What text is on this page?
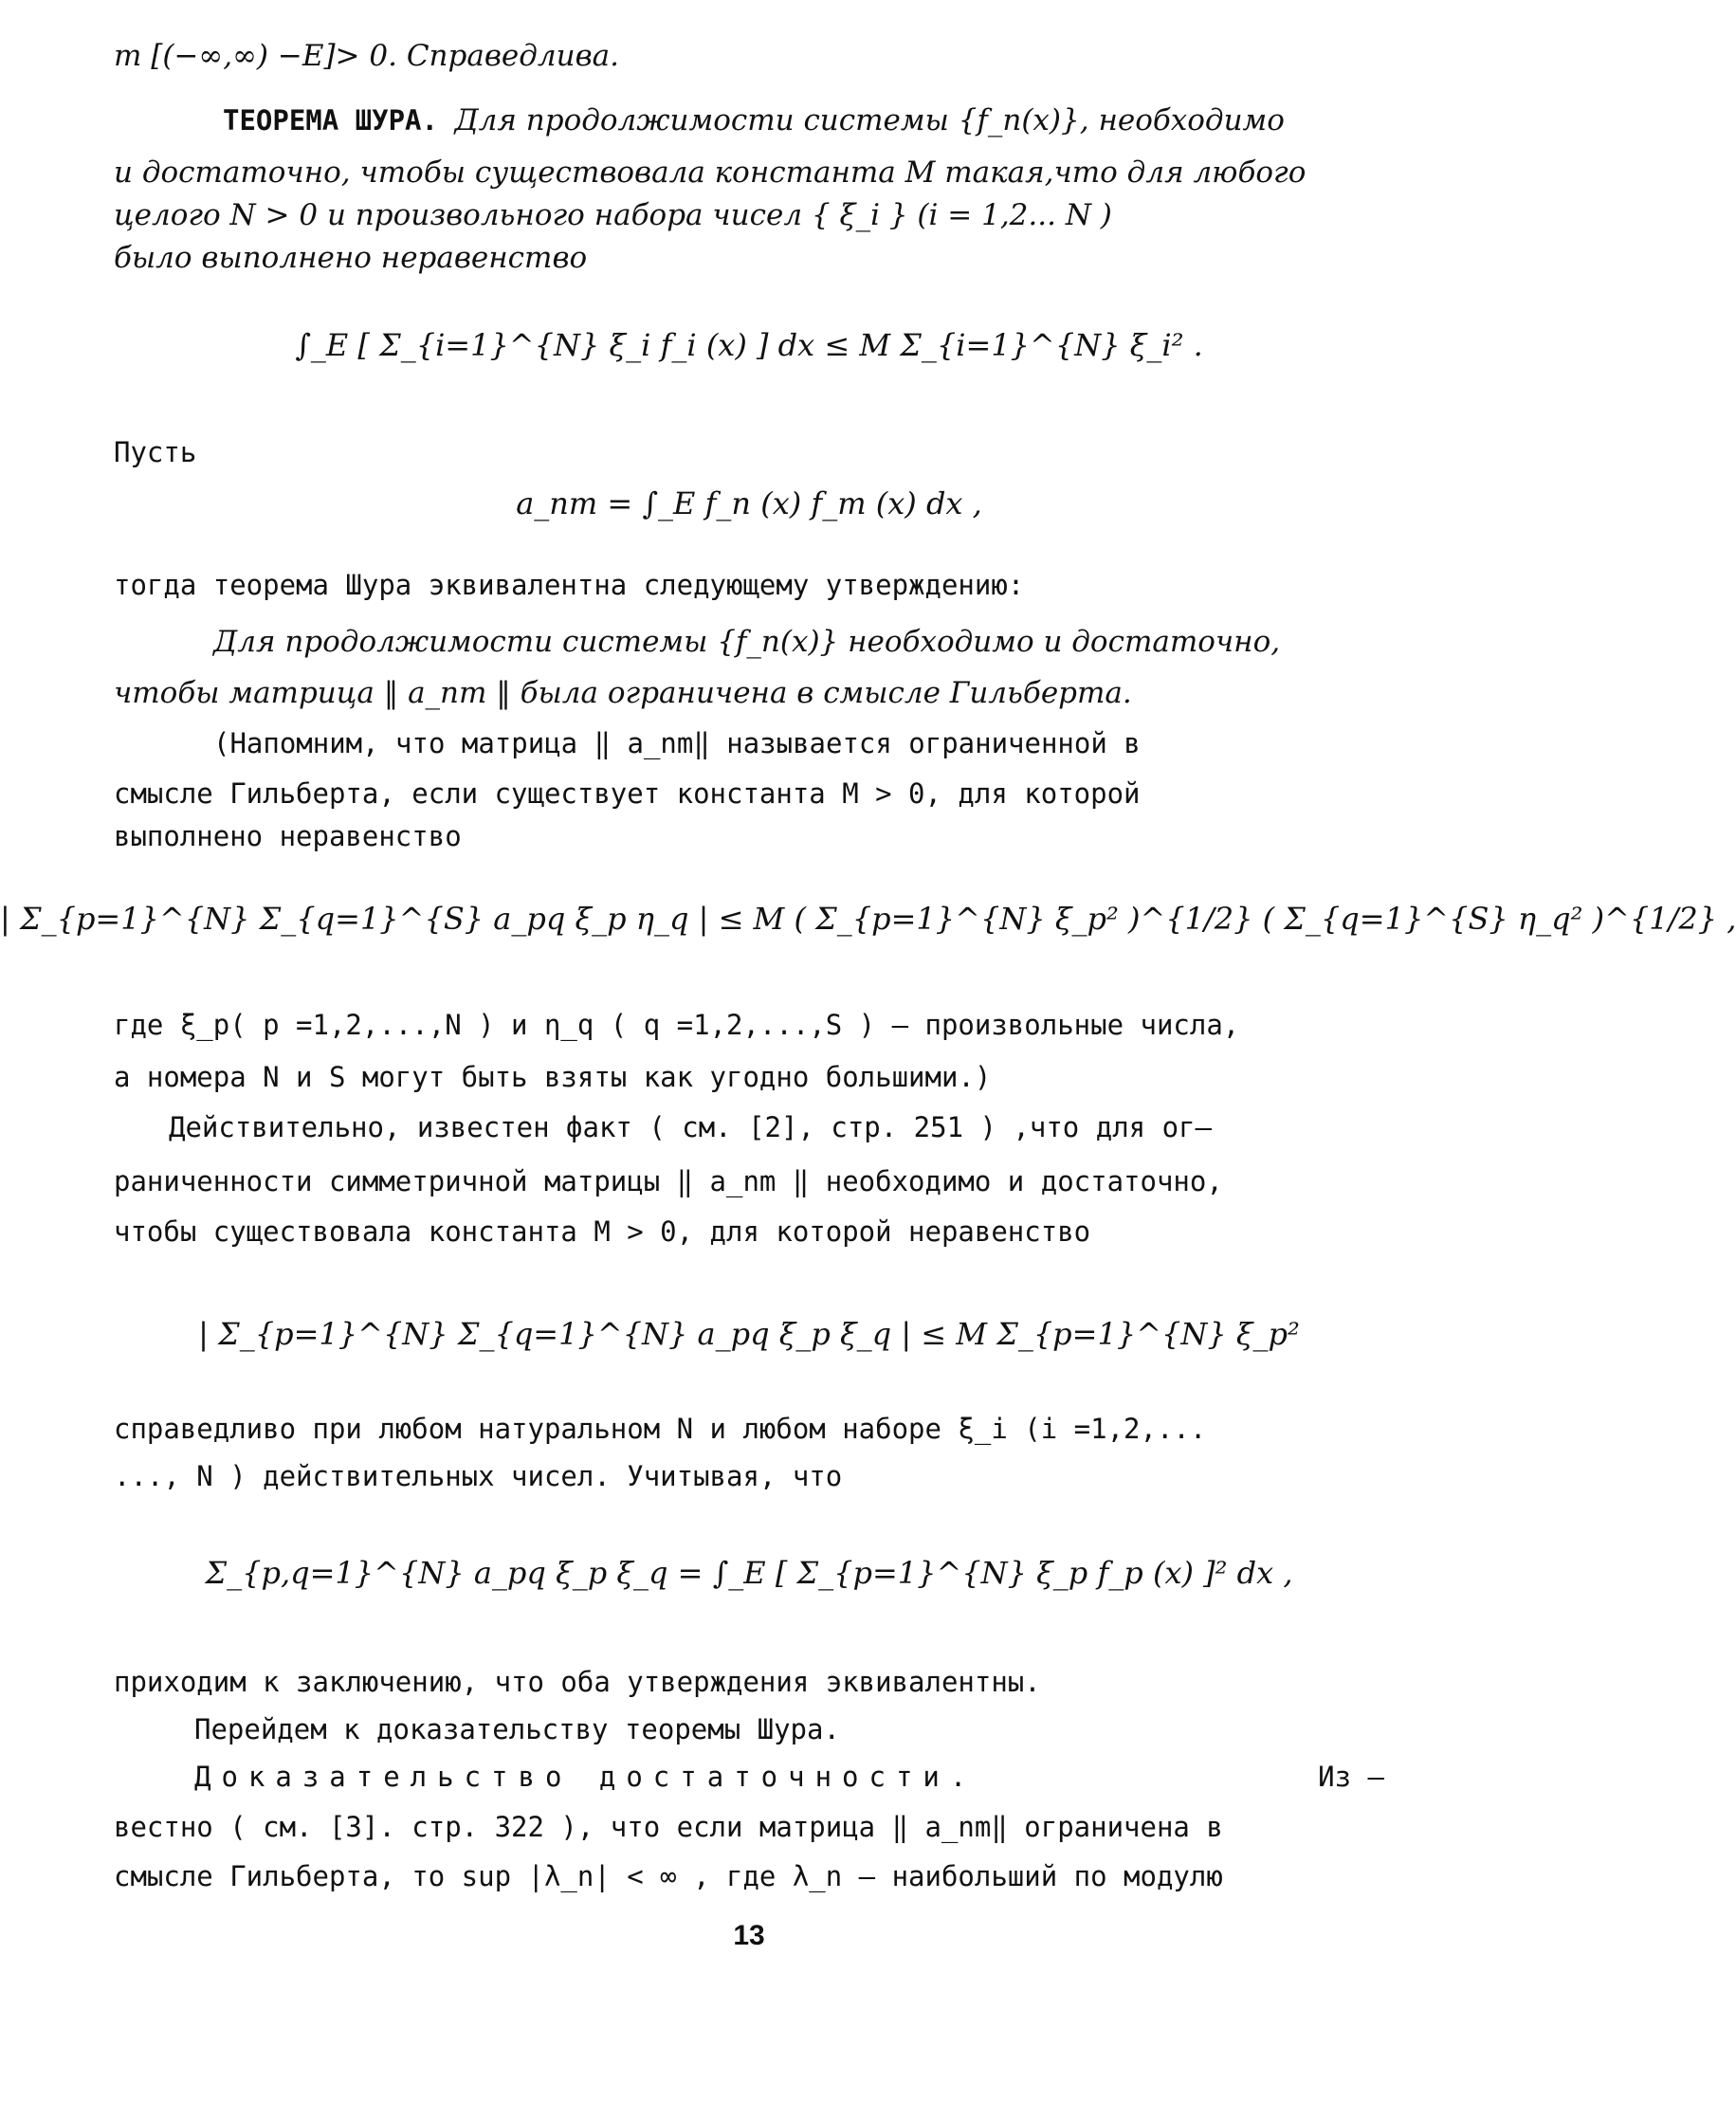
m [(−∞,∞) −E]> 0. Справедлива.
ТЕОРЕМА ШУРА. Для продолжимости системы {f_n(x)}, необходимо
и достаточно, чтобы существовала константа M такая,что для любого
целого N > 0 и произвольного набора чисел { ξ_i } (i = 1,2... N )
было выполнено неравенство
∫_E [ Σ_{i=1}^{N} ξ_i f_i (x) ] dx ≤ M Σ_{i=1}^{N} ξ_i² .
Пусть
a_nm = ∫_E f_n (x) f_m (x) dx ,
тогда теорема Шура эквивалентна следующему утверждению:
Для продолжимости системы {f_n(x)} необходимо и достаточно,
чтобы матрица ‖ a_nm ‖ была ограничена в смысле Гильберта.
(Напомним, что матрица ‖ a_nm‖ называется ограниченной в
смысле Гильберта, если существует константа M > 0, для которой
выполнено неравенство
| Σ_{p=1}^{N} Σ_{q=1}^{S} a_pq ξ_p η_q | ≤ M ( Σ_{p=1}^{N} ξ_p² )^{1/2} ( Σ_{q=1}^{S} η_q² )^{1/2} ,
где ξ_p( p =1,2,...,N ) и η_q ( q =1,2,...,S ) – произвольные числа,
а номера N и S могут быть взяты как угодно большими.)
Действительно, известен факт ( см. [2], стр. 251 ) ,что для ог–
раниченности симметричной матрицы ‖ a_nm ‖ необходимо и достаточно,
чтобы существовала константа M > 0, для которой неравенство
| Σ_{p=1}^{N} Σ_{q=1}^{N} a_pq ξ_p ξ_q | ≤ M Σ_{p=1}^{N} ξ_p²
справедливо при любом натуральном N и любом наборе ξ_i (i =1,2,...
..., N ) действительных чисел. Учитывая, что
Σ_{p,q=1}^{N} a_pq ξ_p ξ_q = ∫_E [ Σ_{p=1}^{N} ξ_p f_p (x) ]² dx ,
приходим к заключению, что оба утверждения эквивалентны.
Перейдем к доказательству теоремы Шура.
Доказательство достаточности.	Из –
вестно ( см. [3]. стр. 322 ), что если матрица ‖ a_nm‖ ограничена в
смысле Гильберта, то sup |λ_n| < ∞ , где λ_n – наибольший по модулю
13
